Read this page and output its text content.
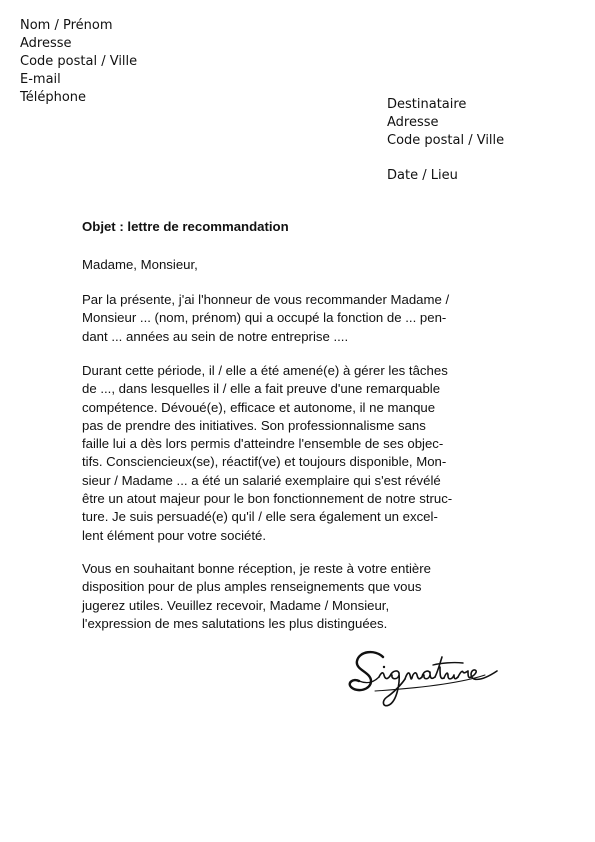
Nom / Prénom
Adresse
Code postal / Ville
E-mail
Téléphone	Destinataire
Adresse
Code postal / Ville
Date / Lieu
Objet : lettre de recommandation
Madame, Monsieur,
Par la présente, j'ai l'honneur de vous recommander Madame /
Monsieur ... (nom, prénom) qui a occupé la fonction de ... pen-
dant ... années au sein de notre entreprise ....
Durant cette période, il / elle a été amené(e) à gérer les tâches
de ..., dans lesquelles il / elle a fait preuve d'une remarquable
compétence. Dévoué(e), efficace et autonome, il ne manque
pas de prendre des initiatives. Son professionnalisme sans
faille lui a dès lors permis d'atteindre l'ensemble de ses objec-
tifs. Consciencieux(se), réactif(ve) et toujours disponible, Mon-
sieur / Madame ... a été un salarié exemplaire qui s'est révélé
être un atout majeur pour le bon fonctionnement de notre struc-
ture. Je suis persuadé(e) qu'il / elle sera également un excel-
lent élément pour votre société.
Vous en souhaitant bonne réception, je reste à votre entière
disposition pour de plus amples renseignements que vous
jugerez utiles. Veuillez recevoir, Madame / Monsieur,
l'expression de mes salutations les plus distinguées.
